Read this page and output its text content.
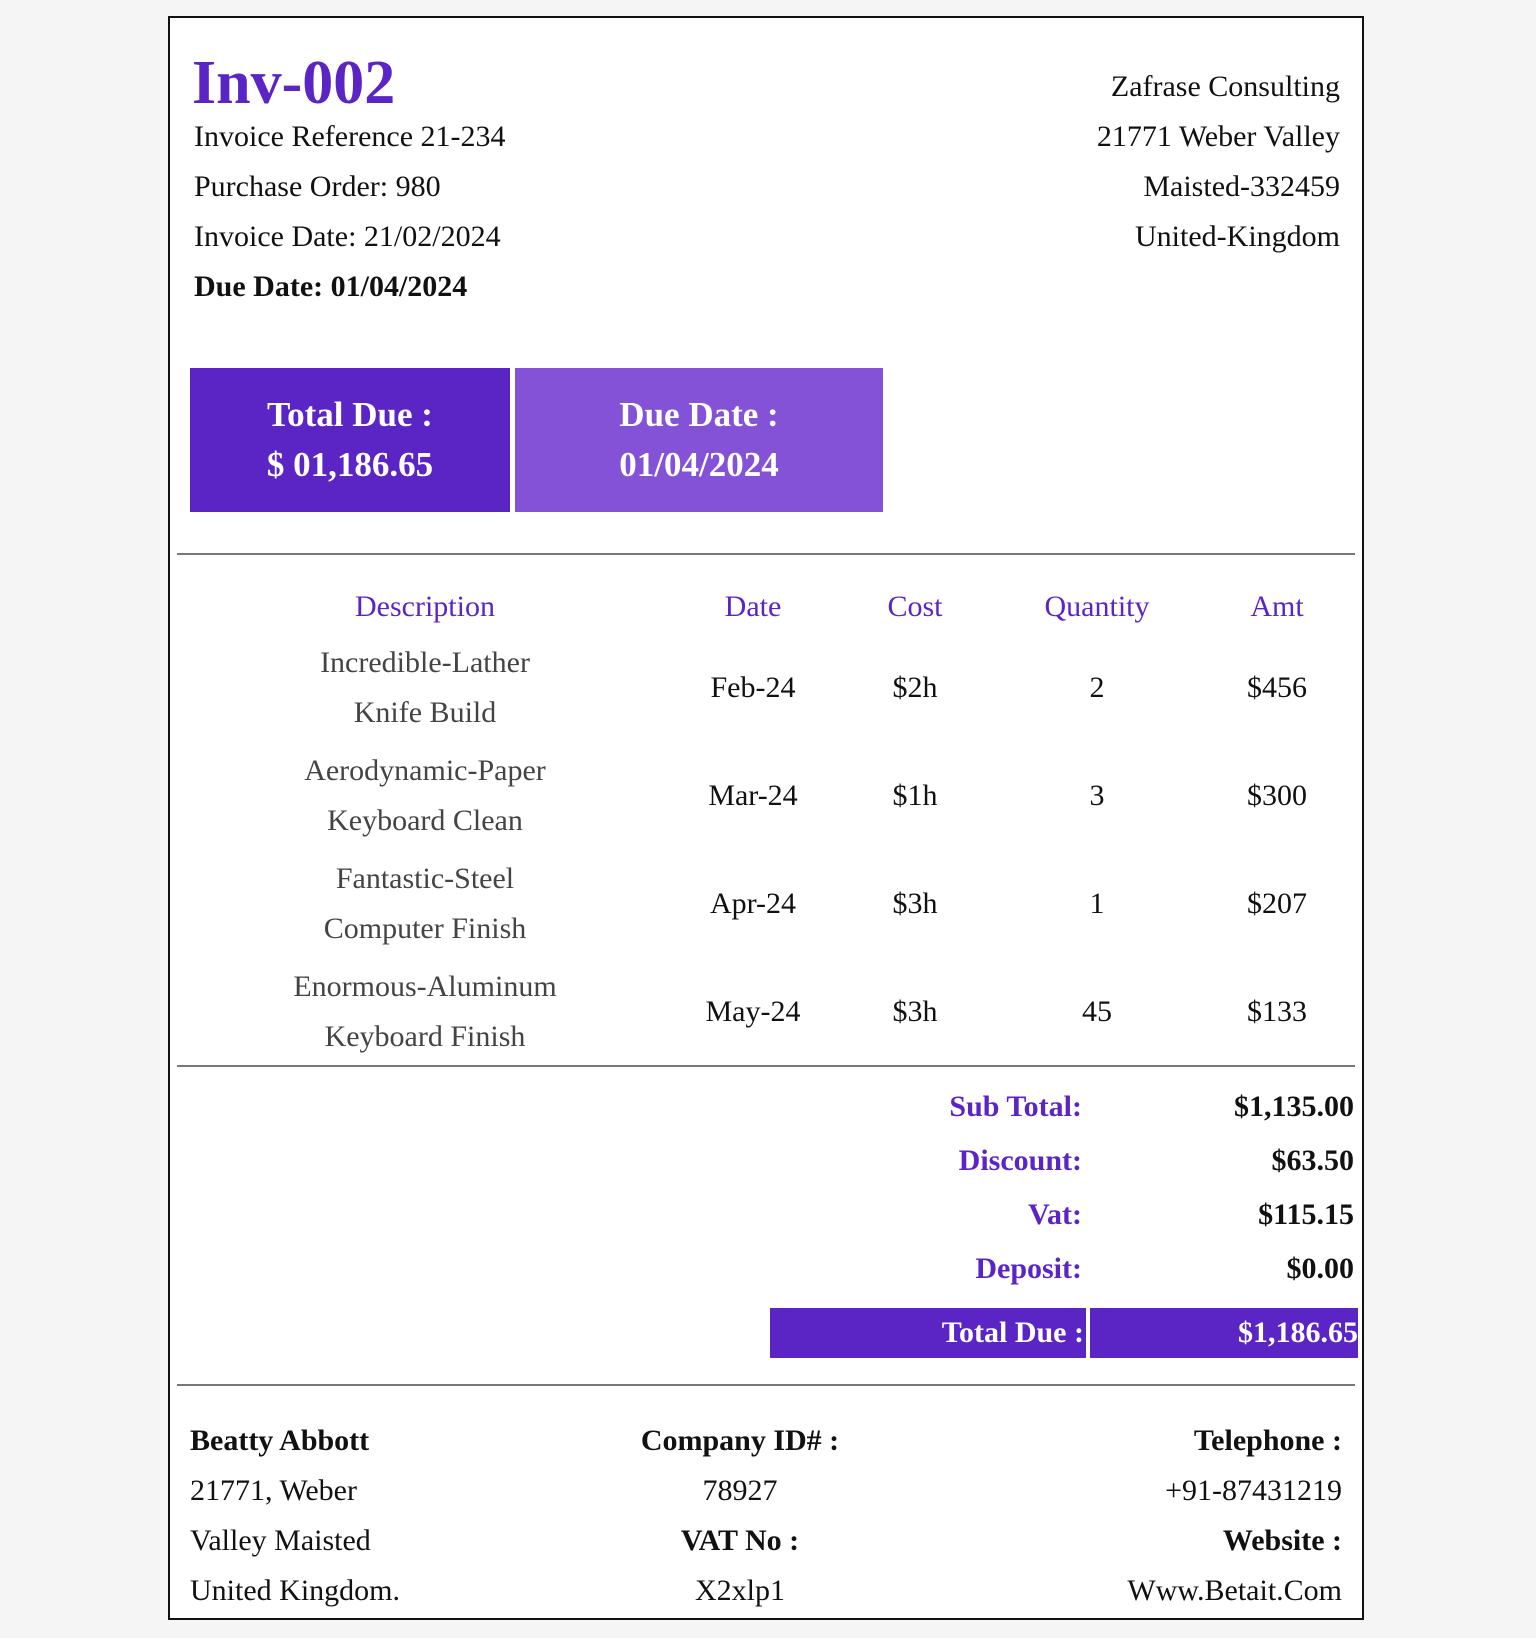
Inv-002
Invoice Reference 21-234
Purchase Order: 980
Invoice Date: 21/02/2024
Due Date: 01/04/2024
Zafrase Consulting
21771 Weber Valley
Maisted-332459
United-Kingdom
Total Due :
$ 01,186.65
Due Date :
01/04/2024
Description	Date	Cost	Quantity	Amt

Incredible-Lather
Knife Build	Feb-24	$2h	2	$456

Aerodynamic-Paper
Keyboard Clean	Mar-24	$1h	3	$300

Fantastic-Steel
Computer Finish	Apr-24	$3h	1	$207

Enormous-Aluminum
Keyboard Finish	May-24	$3h	45	$133
Sub Total:	$1,135.00
Discount:	$63.50
Vat:	$115.15
Deposit:	$0.00
Total Due :	$1,186.65
Beatty Abbott
21771, Weber
Valley Maisted
United Kingdom.
Company ID# :
78927
VAT No :
X2xlp1
Telephone :
+91-87431219
Website :
Www.Betait.Com
